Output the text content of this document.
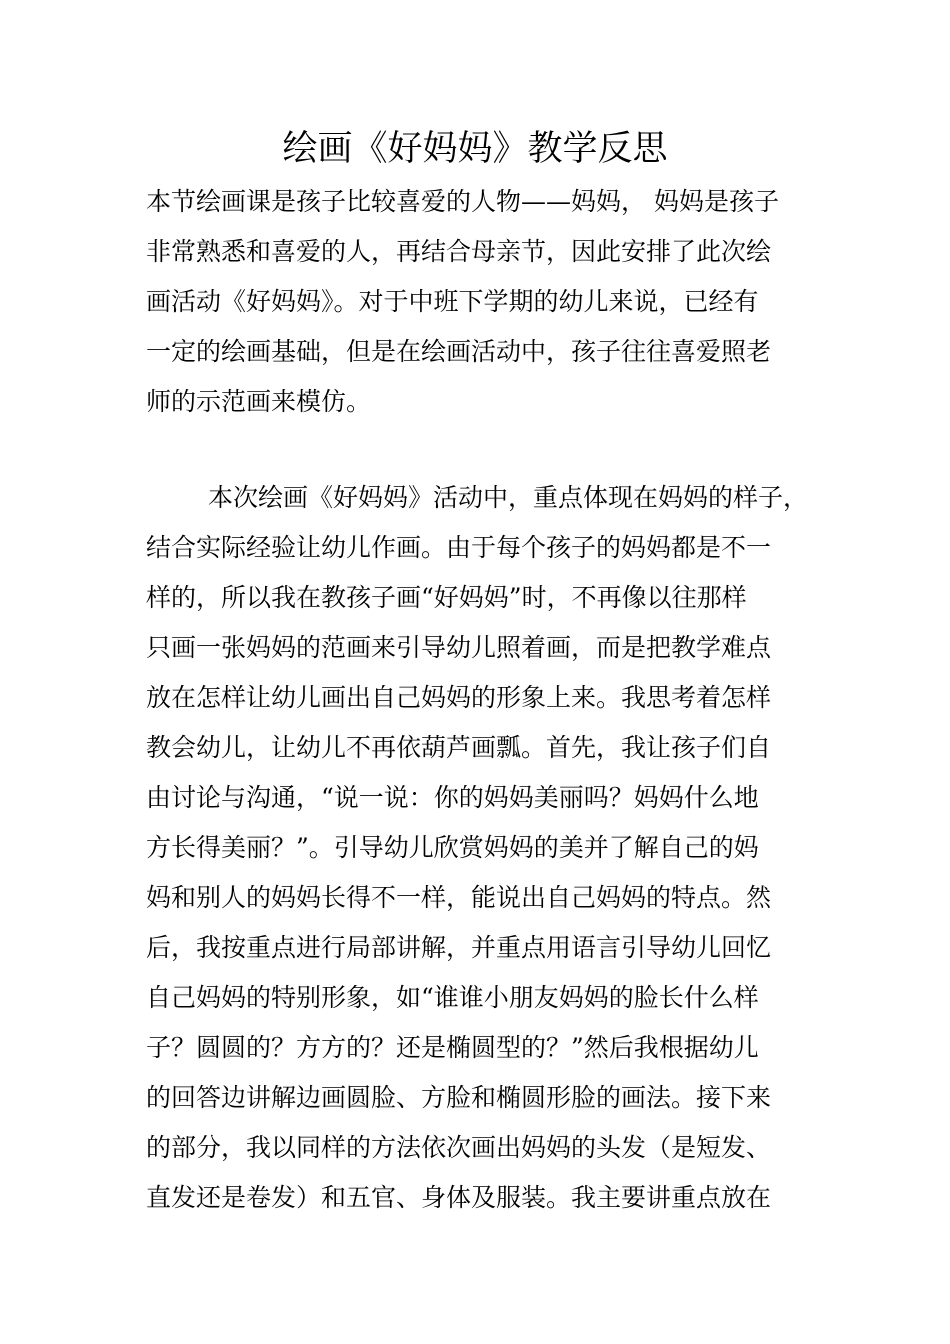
绘画《好妈妈》教学反思
本节绘画课是孩子比较喜爱的人物——妈妈， 妈妈是孩子
非常熟悉和喜爱的人，再结合母亲节，因此安排了此次绘
画活动《好妈妈》。对于中班下学期的幼儿来说，已经有
一定的绘画基础，但是在绘画活动中，孩子往往喜爱照老
师的示范画来模仿。
本次绘画《好妈妈》活动中，重点体现在妈妈的样子，
结合实际经验让幼儿作画。由于每个孩子的妈妈都是不一
样的，所以我在教孩子画“好妈妈”时，不再像以往那样
只画一张妈妈的范画来引导幼儿照着画，而是把教学难点
放在怎样让幼儿画出自己妈妈的形象上来。我思考着怎样
教会幼儿，让幼儿不再依葫芦画瓢。首先，我让孩子们自
由讨论与沟通，“说一说：你的妈妈美丽吗？妈妈什么地
方长得美丽？”。引导幼儿欣赏妈妈的美并了解自己的妈
妈和别人的妈妈长得不一样，能说出自己妈妈的特点。然
后，我按重点进行局部讲解，并重点用语言引导幼儿回忆
自己妈妈的特别形象，如“谁谁小朋友妈妈的脸长什么样
子？圆圆的？方方的？还是椭圆型的？”然后我根据幼儿
的回答边讲解边画圆脸、方脸和椭圆形脸的画法。接下来
的部分，我以同样的方法依次画出妈妈的头发（是短发、
直发还是卷发）和五官、身体及服装。我主要讲重点放在
